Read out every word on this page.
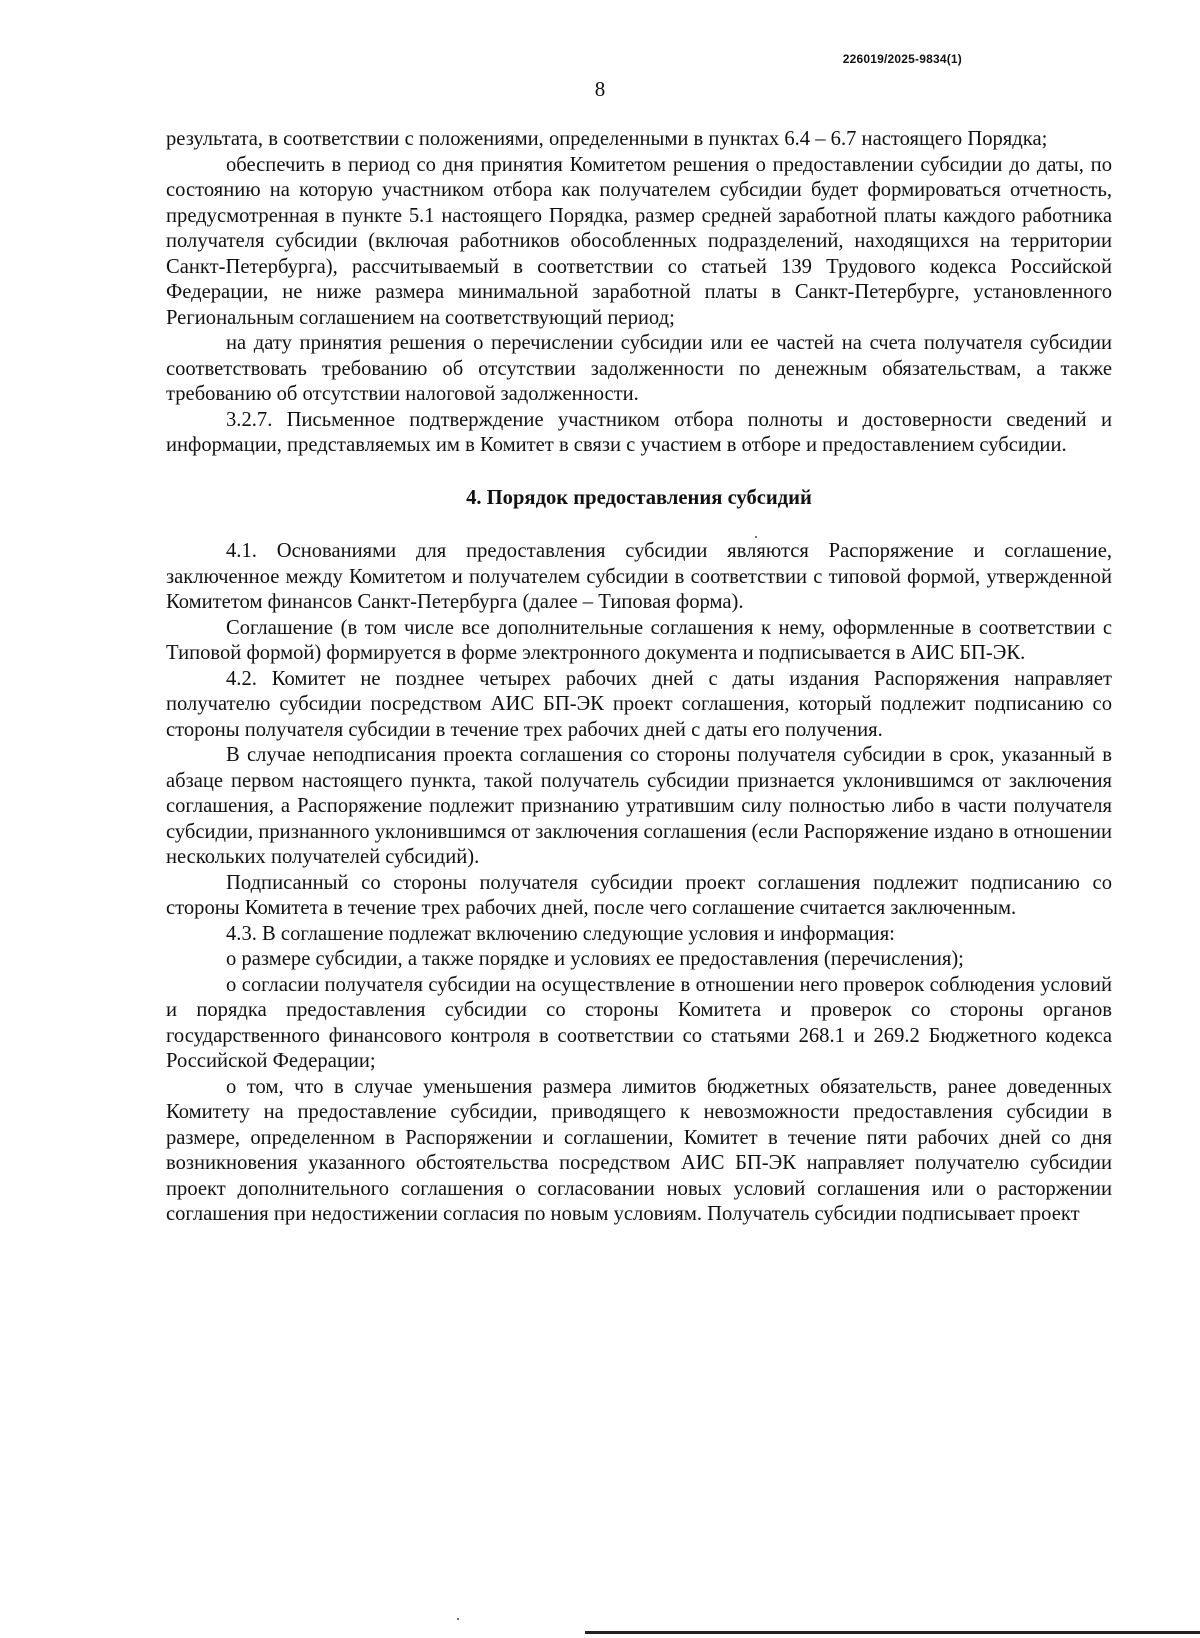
226019/2025-9834(1)
8

результата, в соответствии с положениями, определенными в пунктах 6.4 – 6.7 настоящего Порядка;

обеспечить в период со дня принятия Комитетом решения о предоставлении субсидии до даты, по состоянию на которую участником отбора как получателем субсидии будет формироваться отчетность, предусмотренная в пункте 5.1 настоящего Порядка, размер средней заработной платы каждого работника получателя субсидии (включая работников обособленных подразделений, находящихся на территории Санкт-Петербурга), рассчитываемый в соответствии со статьей 139 Трудового кодекса Российской Федерации, не ниже размера минимальной заработной платы в Санкт-Петербурге, установленного Региональным соглашением на соответствующий период;

на дату принятия решения о перечислении субсидии или ее частей на счета получателя субсидии соответствовать требованию об отсутствии задолженности по денежным обязательствам, а также требованию об отсутствии налоговой задолженности.

3.2.7. Письменное подтверждение участником отбора полноты и достоверности сведений и информации, представляемых им в Комитет в связи с участием в отборе и предоставлением субсидии.

4. Порядок предоставления субсидий

4.1. Основаниями для предоставления субсидии являются Распоряжение и соглашение, заключенное между Комитетом и получателем субсидии в соответствии с типовой формой, утвержденной Комитетом финансов Санкт-Петербурга (далее – Типовая форма).

Соглашение (в том числе все дополнительные соглашения к нему, оформленные в соответствии с Типовой формой) формируется в форме электронного документа и подписывается в АИС БП-ЭК.

4.2. Комитет не позднее четырех рабочих дней с даты издания Распоряжения направляет получателю субсидии посредством АИС БП-ЭК проект соглашения, который подлежит подписанию со стороны получателя субсидии в течение трех рабочих дней с даты его получения.

В случае неподписания проекта соглашения со стороны получателя субсидии в срок, указанный в абзаце первом настоящего пункта, такой получатель субсидии признается уклонившимся от заключения соглашения, а Распоряжение подлежит признанию утратившим силу полностью либо в части получателя субсидии, признанного уклонившимся от заключения соглашения (если Распоряжение издано в отношении нескольких получателей субсидий).

Подписанный со стороны получателя субсидии проект соглашения подлежит подписанию со стороны Комитета в течение трех рабочих дней, после чего соглашение считается заключенным.

4.3. В соглашение подлежат включению следующие условия и информация:

о размере субсидии, а также порядке и условиях ее предоставления (перечисления);

о согласии получателя субсидии на осуществление в отношении него проверок соблюдения условий и порядка предоставления субсидии со стороны Комитета и проверок со стороны органов государственного финансового контроля в соответствии со статьями 268.1 и 269.2 Бюджетного кодекса Российской Федерации;

о том, что в случае уменьшения размера лимитов бюджетных обязательств, ранее доведенных Комитету на предоставление субсидии, приводящего к невозможности предоставления субсидии в размере, определенном в Распоряжении и соглашении, Комитет в течение пяти рабочих дней со дня возникновения указанного обстоятельства посредством АИС БП-ЭК направляет получателю субсидии проект дополнительного соглашения о согласовании новых условий соглашения или о расторжении соглашения при недостижении согласия по новым условиям. Получатель субсидии подписывает проект
